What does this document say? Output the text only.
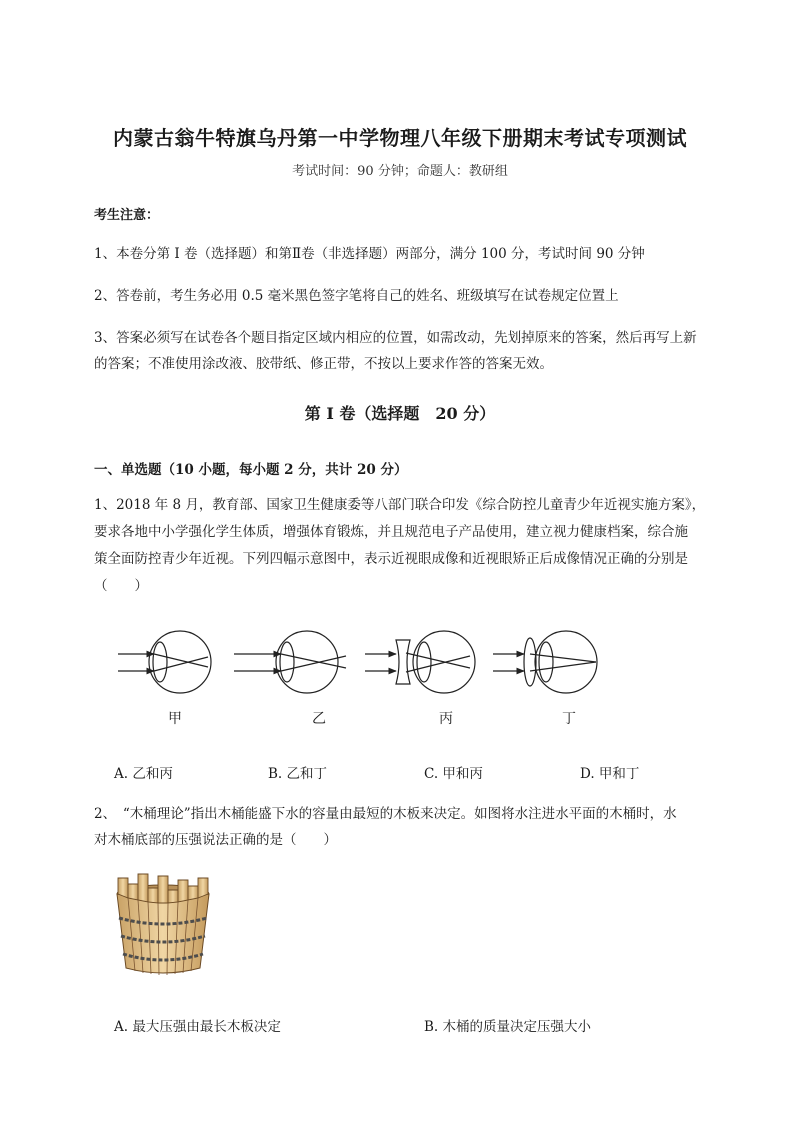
内蒙古翁牛特旗乌丹第一中学物理八年级下册期末考试专项测试
考试时间：90 分钟；命题人：教研组
考生注意：
1、本卷分第 I 卷（选择题）和第Ⅱ卷（非选择题）两部分，满分 100 分，考试时间 90 分钟
2、答卷前，考生务必用 0.5 毫米黑色签字笔将自己的姓名、班级填写在试卷规定位置上
3、答案必须写在试卷各个题目指定区域内相应的位置，如需改动，先划掉原来的答案，然后再写上新
的答案；不准使用涂改液、胶带纸、修正带，不按以上要求作答的答案无效。
第 I 卷（选择题　20 分）
一、单选题（10 小题，每小题 2 分，共计 20 分）
1、2018 年 8 月，教育部、国家卫生健康委等八部门联合印发《综合防控儿童青少年近视实施方案》，
要求各地中小学强化学生体质，增强体育锻炼，并且规范电子产品使用，建立视力健康档案，综合施
策全面防控青少年近视。下列四幅示意图中，表示近视眼成像和近视眼矫正后成像情况正确的分别是
（　　）
甲	乙	丙	丁
A. 乙和丙	B. 乙和丁	C. 甲和丙	D. 甲和丁
2、　“木桶理论”指出木桶能盛下水的容量由最短的木板来决定。如图将水注进水平面的木桶时，水
对木桶底部的压强说法正确的是（　　）
A. 最大压强由最长木板决定	B. 木桶的质量决定压强大小
